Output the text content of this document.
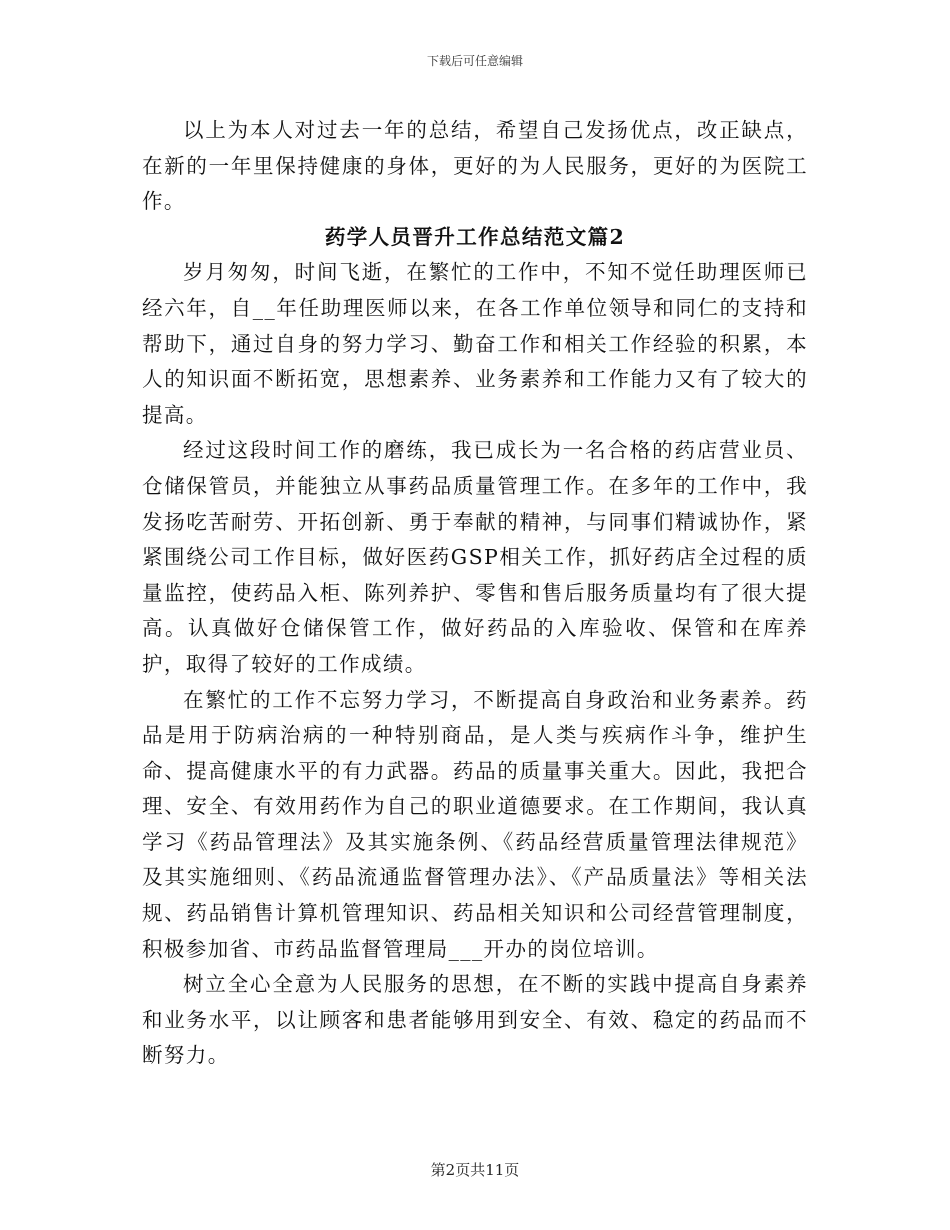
下载后可任意编辑

以上为本人对过去一年的总结，希望自己发扬优点，改正缺点，在新的一年里保持健康的身体，更好的为人民服务，更好的为医院工作。

药学人员晋升工作总结范文篇2

岁月匆匆，时间飞逝，在繁忙的工作中，不知不觉任助理医师已经六年，自__年任助理医师以来，在各工作单位领导和同仁的支持和帮助下，通过自身的努力学习、勤奋工作和相关工作经验的积累，本人的知识面不断拓宽，思想素养、业务素养和工作能力又有了较大的提高。

经过这段时间工作的磨练，我已成长为一名合格的药店营业员、仓储保管员，并能独立从事药品质量管理工作。在多年的工作中，我发扬吃苦耐劳、开拓创新、勇于奉献的精神，与同事们精诚协作，紧紧围绕公司工作目标，做好医药GSP相关工作，抓好药店全过程的质量监控，使药品入柜、陈列养护、零售和售后服务质量均有了很大提高。认真做好仓储保管工作，做好药品的入库验收、保管和在库养护，取得了较好的工作成绩。

在繁忙的工作不忘努力学习，不断提高自身政治和业务素养。药品是用于防病治病的一种特别商品，是人类与疾病作斗争，维护生命、提高健康水平的有力武器。药品的质量事关重大。因此，我把合理、安全、有效用药作为自己的职业道德要求。在工作期间，我认真学习《药品管理法》及其实施条例、《药品经营质量管理法律规范》及其实施细则、《药品流通监督管理办法》、《产品质量法》等相关法规、药品销售计算机管理知识、药品相关知识和公司经营管理制度，积极参加省、市药品监督管理局___开办的岗位培训。

树立全心全意为人民服务的思想，在不断的实践中提高自身素养和业务水平，以让顾客和患者能够用到安全、有效、稳定的药品而不断努力。

第2页共11页
